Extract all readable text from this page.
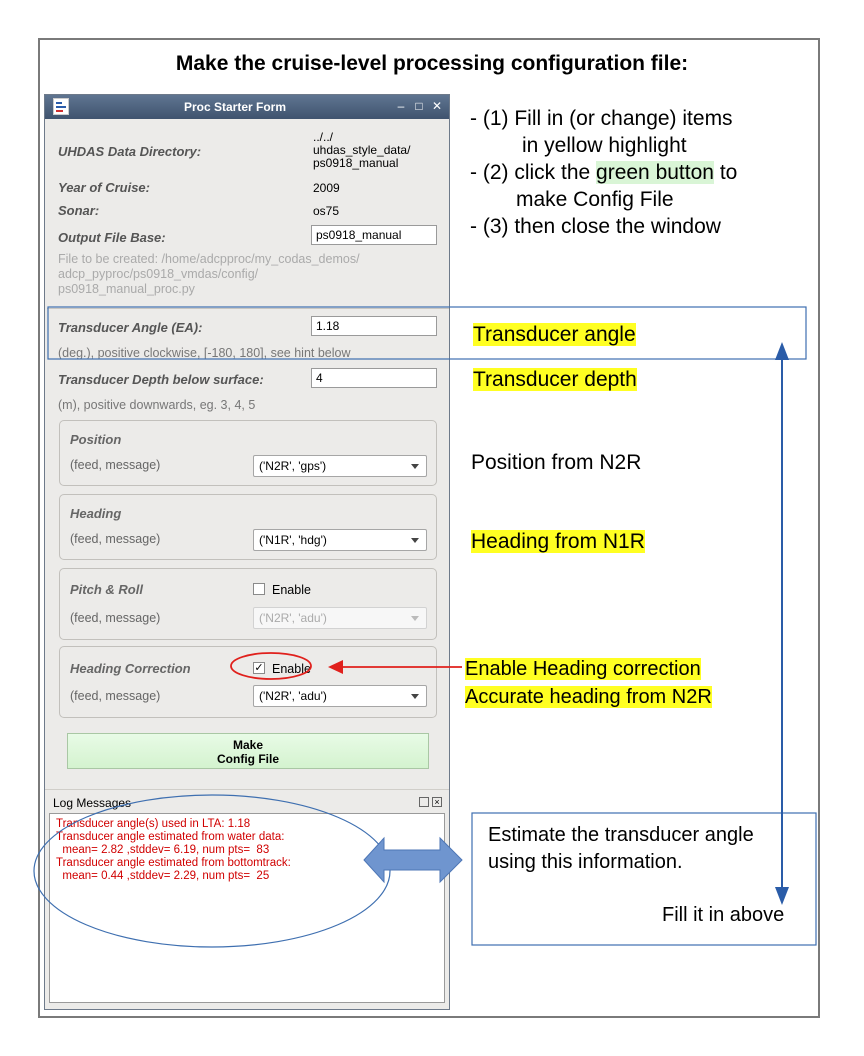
Make the cruise-level processing configuration file:
Proc Starter Form	– □ ✕
UHDAS Data Directory:
../../
uhdas_style_data/
ps0918_manual
Year of Cruise:	2009
Sonar:	os75
Output File Base:	ps0918_manual
File to be created: /home/adcpproc/my_codas_demos/
adcp_pyproc/ps0918_vmdas/config/
ps0918_manual_proc.py
Transducer Angle (EA):	1.18
(deg.), positive clockwise, [-180, 180], see hint below
Transducer Depth below surface:	4
(m), positive downwards, eg. 3, 4, 5
Position
(feed, message)	('N2R', 'gps')
Heading
(feed, message)	('N1R', 'hdg')
Pitch & Roll	Enable
(feed, message)	('N2R', 'adu')
Heading Correction	✓ Enable
(feed, message)	('N2R', 'adu')
Make
Config File
Log Messages	×
Transducer angle(s) used in LTA: 1.18
Transducer angle estimated from water data:
mean= 2.82 ,stddev= 6.19, num pts=  83
Transducer angle estimated from bottomtrack:
mean= 0.44 ,stddev= 2.29, num pts=  25
- (1) Fill in (or change) items
in yellow highlight
- (2) click the green button to
make Config File
- (3) then close the window
Transducer angle
Transducer depth
Position from N2R
Heading from N1R
Enable Heading correction
Accurate heading from N2R
Estimate the transducer angle
using this information.
Fill it in above
